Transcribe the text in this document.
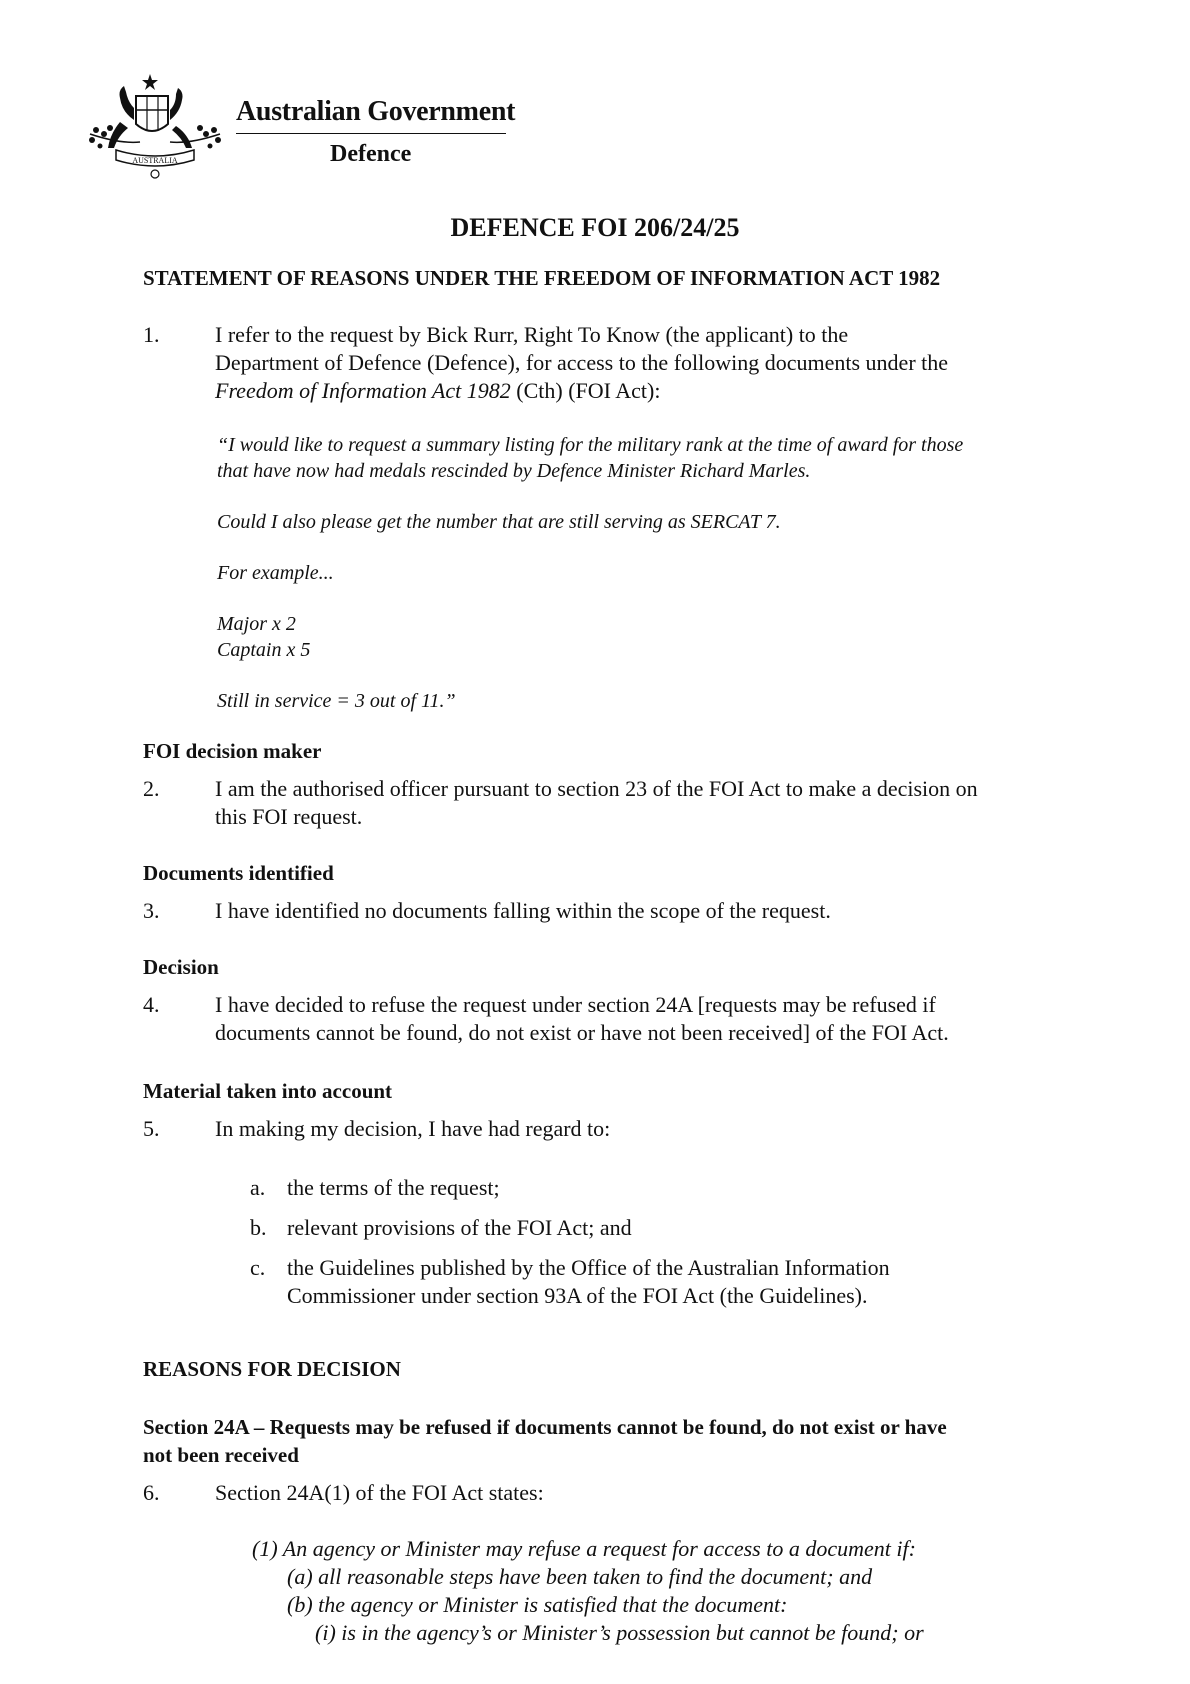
AUSTRALIA
Australian Government
Defence
DEFENCE FOI 206/24/25
STATEMENT OF REASONS UNDER THE FREEDOM OF INFORMATION ACT 1982
1.	I refer to the request by Bick Rurr, Right To Know (the applicant) to the
Department of Defence (Defence), for access to the following documents under the
Freedom of Information Act 1982 (Cth) (FOI Act):
“I would like to request a summary listing for the military rank at the time of award for those
that have now had medals rescinded by Defence Minister Richard Marles.
Could I also please get the number that are still serving as SERCAT 7.
For example...
Major x 2
Captain x 5
Still in service = 3 out of 11.”
FOI decision maker
2.	I am the authorised officer pursuant to section 23 of the FOI Act to make a decision on
this FOI request.
Documents identified
3.	I have identified no documents falling within the scope of the request.
Decision
4.	I have decided to refuse the request under section 24A [requests may be refused if
documents cannot be found, do not exist or have not been received] of the FOI Act.
Material taken into account
5.	In making my decision, I have had regard to:
a. the terms of the request;
b. relevant provisions of the FOI Act; and
c. the Guidelines published by the Office of the Australian Information
Commissioner under section 93A of the FOI Act (the Guidelines).
REASONS FOR DECISION
Section 24A – Requests may be refused if documents cannot be found, do not exist or have
not been received
6.	Section 24A(1) of the FOI Act states:
(1) An agency or Minister may refuse a request for access to a document if:
(a) all reasonable steps have been taken to find the document; and
(b) the agency or Minister is satisfied that the document:
(i) is in the agency’s or Minister’s possession but cannot be found; or
